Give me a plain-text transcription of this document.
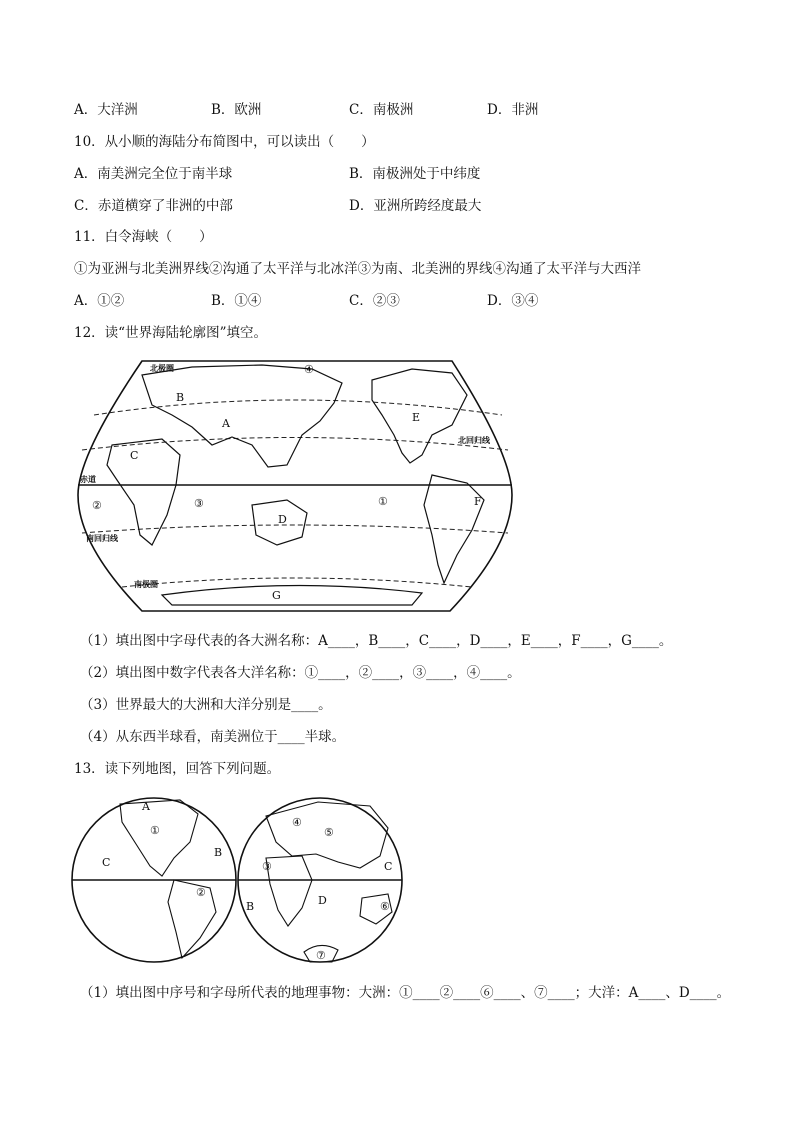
A．大洋洲	B．欧洲	C．南极洲	D．非洲
10．从小顺的海陆分布简图中，可以读出（　　）
A．南美洲完全位于南半球	B．南极洲处于中纬度
C．赤道横穿了非洲的中部	D．亚洲所跨经度最大
11．白令海峡（　　）
①为亚洲与北美洲界线②沟通了太平洋与北冰洋③为南、北美洲的界线④沟通了太平洋与大西洋
A．①②	B．①④	C．②③	D．③④
12．读“世界海陆轮廓图”填空。
A
B
C
D
E
F
G
①
②	③
④
北极圈
北回归线
赤道
南回归线
南极圈
（1）填出图中字母代表的各大洲名称：A____，B____，C____，D____，E____，F____，G____。
（2）填出图中数字代表各大洋名称：①____，②____，③____，④____。
（3）世界最大的大洲和大洋分别是____。
（4）从东西半球看，南美洲位于____半球。
13．读下列地图，回答下列问题。
A
①
C
B
②
④
⑤
③	C
B	D	⑥
⑦
（1）填出图中序号和字母所代表的地理事物：大洲：①____②____⑥____、⑦____；大洋：A____、D____。
